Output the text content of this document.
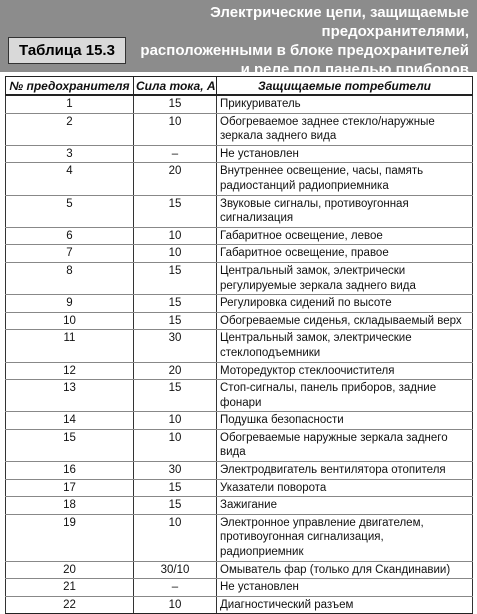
Таблица 15.3
Электрические цепи, защищаемые предохранителями,
расположенными в блоке предохранителей
и реле под панелью приборов
№ предохранителя	Сила тока, А	Защищаемые потребители
1	15	Прикуриватель
2	10	Обогреваемое заднее стекло/наружные зеркала заднего вида
3	–	Не установлен
4	20	Внутреннее освещение, часы, память радиостанций радиоприемника
5	15	Звуковые сигналы, противоугонная сигнализация
6	10	Габаритное освещение, левое
7	10	Габаритное освещение, правое
8	15	Центральный замок, электрически регулируемые зеркала заднего вида
9	15	Регулировка сидений по высоте
10	15	Обогреваемые сиденья, складываемый верх
11	30	Центральный замок, электрические стеклоподъемники
12	20	Моторедуктор стеклоочистителя
13	15	Стоп-сигналы, панель приборов, задние фонари
14	10	Подушка безопасности
15	10	Обогреваемые наружные зеркала заднего вида
16	30	Электродвигатель вентилятора отопителя
17	15	Указатели поворота
18	15	Зажигание
19	10	Электронное управление двигателем, противоугонная сигнализация, радиоприемник
20	30/10	Омыватель фар (только для Скандинавии)
21	–	Не установлен
22	10	Диагностический разъем
